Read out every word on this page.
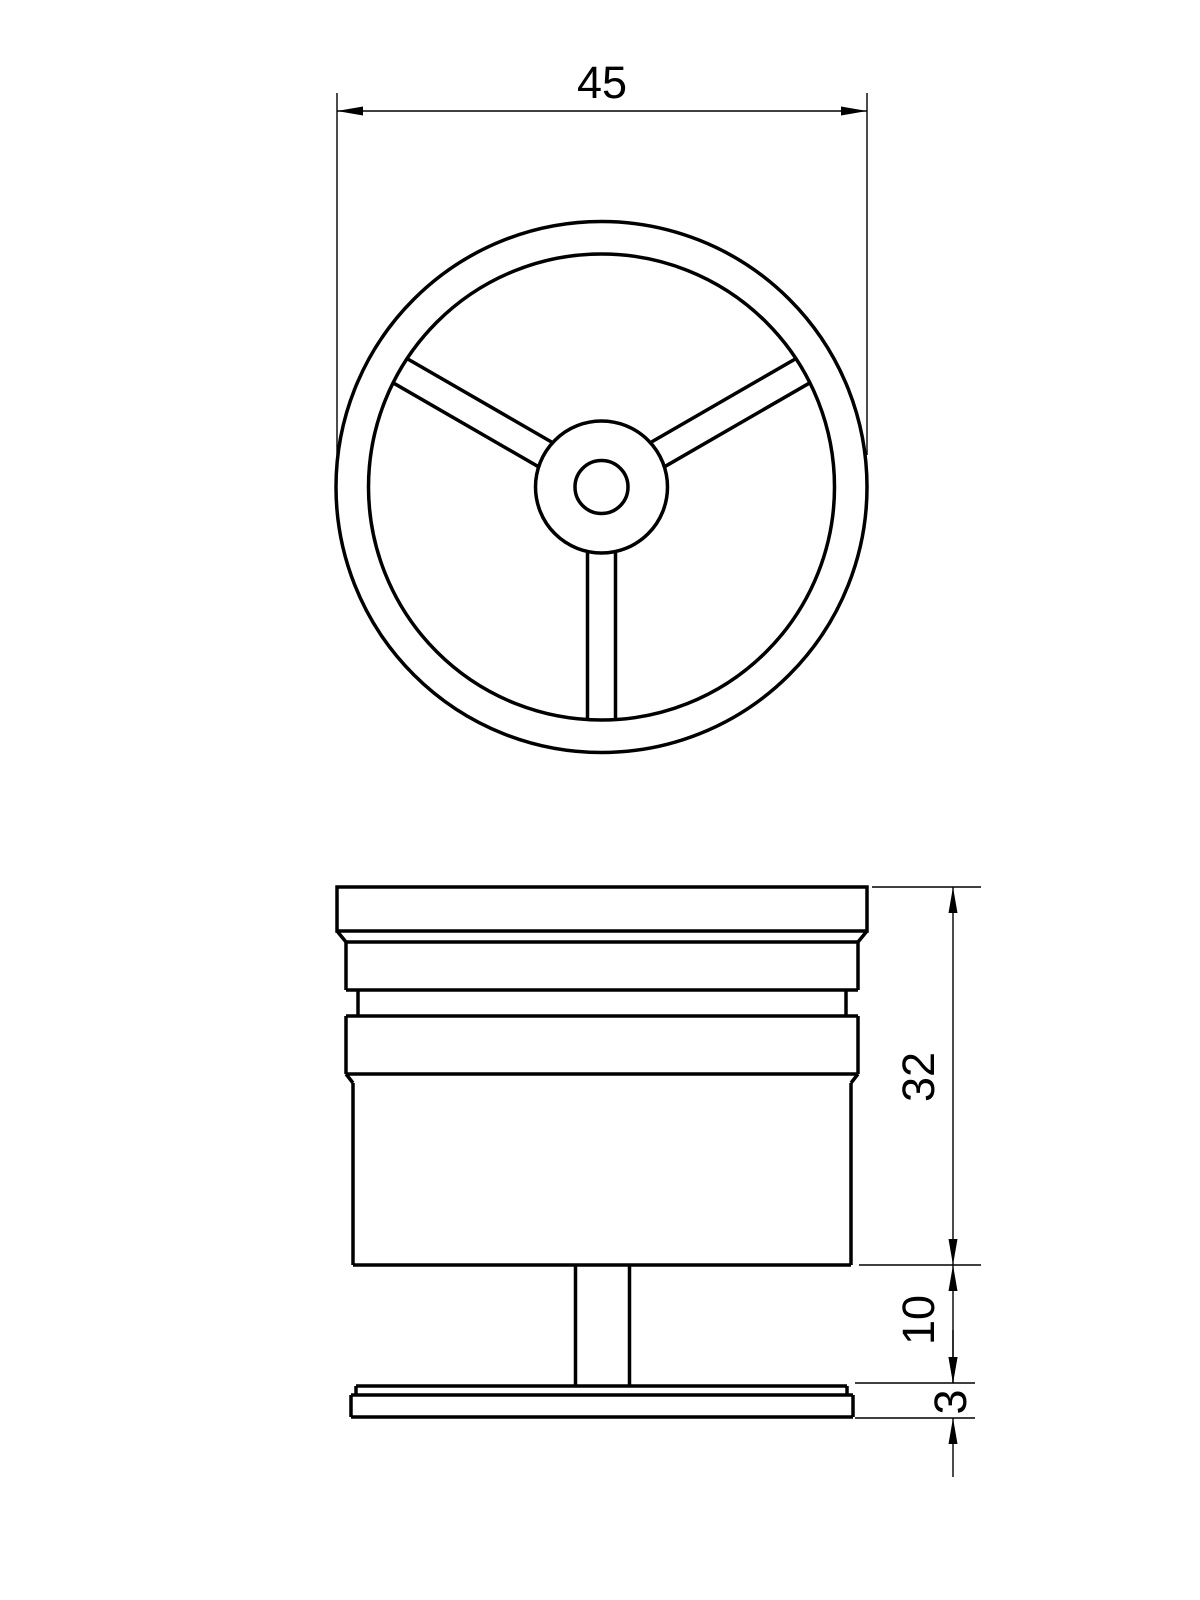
45
32
10
3
